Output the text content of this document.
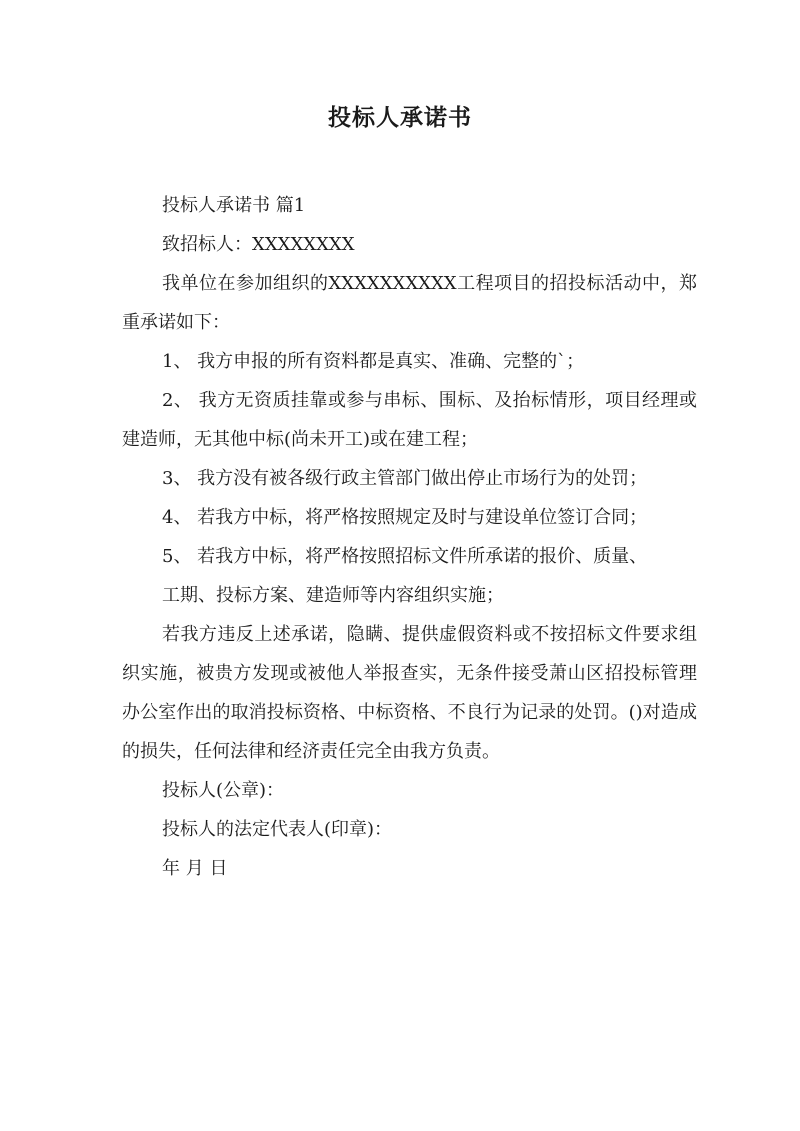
投标人承诺书

投标人承诺书 篇1

致招标人：XXXXXXXX

我单位在参加组织的XXXXXXXXXX工程项目的招投标活动中，郑重承诺如下：

1、 我方申报的所有资料都是真实、准确、完整的`；

2、 我方无资质挂靠或参与串标、围标、及抬标情形，项目经理或建造师，无其他中标(尚未开工)或在建工程；

3、 我方没有被各级行政主管部门做出停止市场行为的处罚；

4、 若我方中标，将严格按照规定及时与建设单位签订合同；

5、 若我方中标，将严格按照招标文件所承诺的报价、质量、

工期、投标方案、建造师等内容组织实施；

若我方违反上述承诺，隐瞒、提供虚假资料或不按招标文件要求组织实施，被贵方发现或被他人举报查实，无条件接受萧山区招投标管理办公室作出的取消投标资格、中标资格、不良行为记录的处罚。()对造成的损失，任何法律和经济责任完全由我方负责。

投标人(公章)：

投标人的法定代表人(印章)：

年 月 日
